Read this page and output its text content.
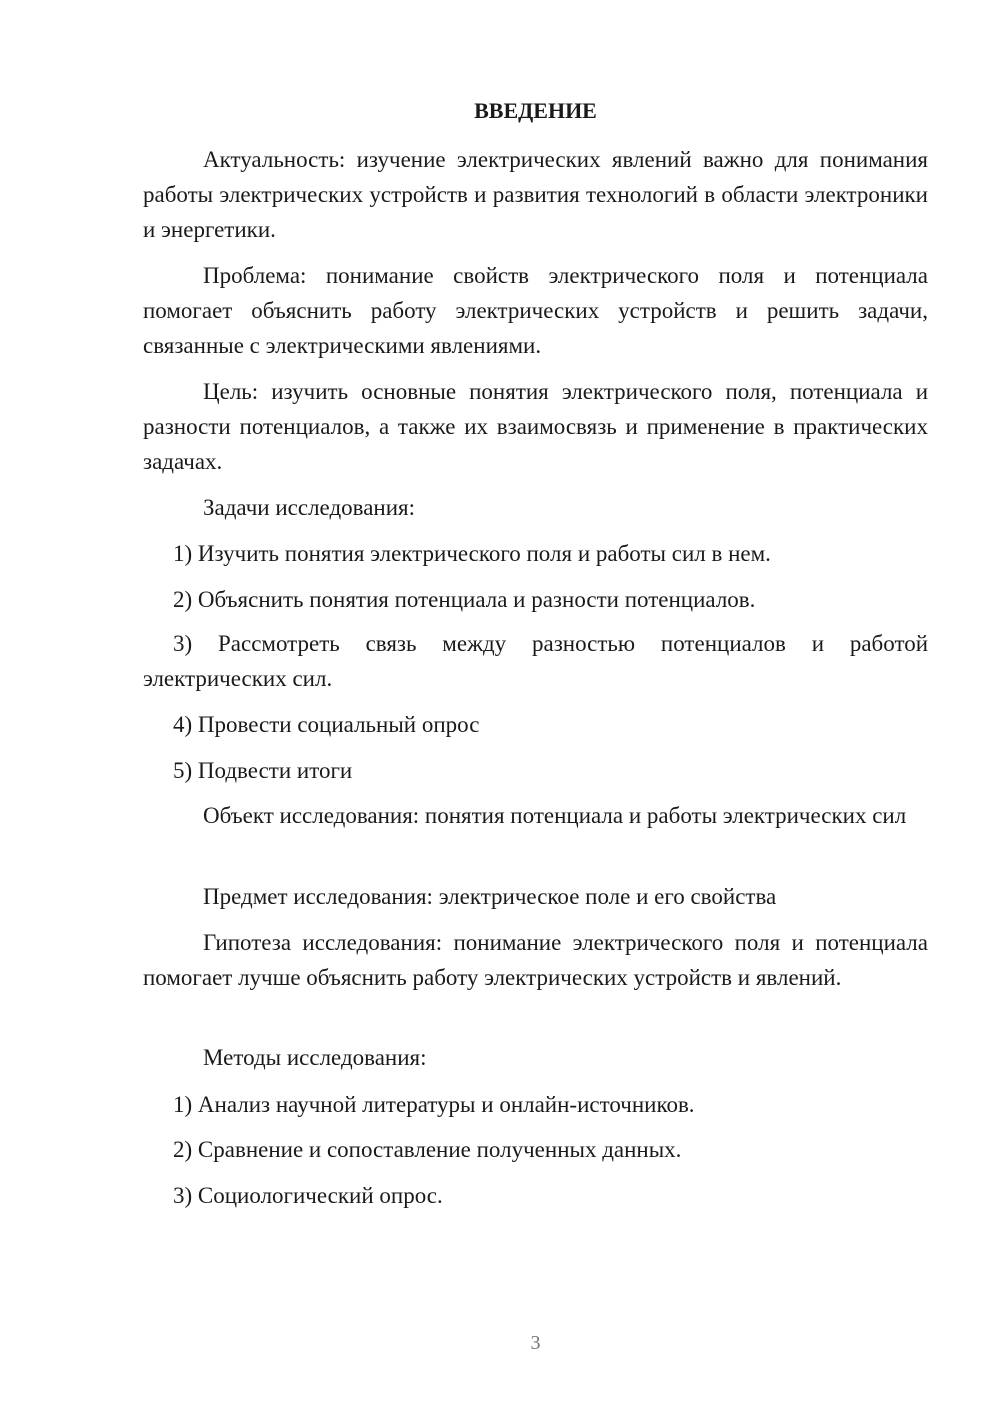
ВВЕДЕНИЕ

Актуальность: изучение электрических явлений важно для понимания работы электрических устройств и развития технологий в области электроники и энергетики.

Проблема: понимание свойств электрического поля и потенциала помогает объяснить работу электрических устройств и решить задачи, связанные с электрическими явлениями.

Цель: изучить основные понятия электрического поля, потенциала и разности потенциалов, а также их взаимосвязь и применение в практических задачах.

Задачи исследования:

1) Изучить понятия электрического поля и работы сил в нем.

2) Объяснить понятия потенциала и разности потенциалов.

3) Рассмотреть связь между разностью потенциалов и работой электрических сил.

4) Провести социальный опрос

5) Подвести итоги

Объект исследования: понятия потенциала и работы электрических сил

Предмет исследования: электрическое поле и его свойства

Гипотеза исследования: понимание электрического поля и потенциала помогает лучше объяснить работу электрических устройств и явлений.

Методы исследования:

1) Анализ научной литературы и онлайн-источников.

2) Сравнение и сопоставление полученных данных.

3) Социологический опрос.

3
